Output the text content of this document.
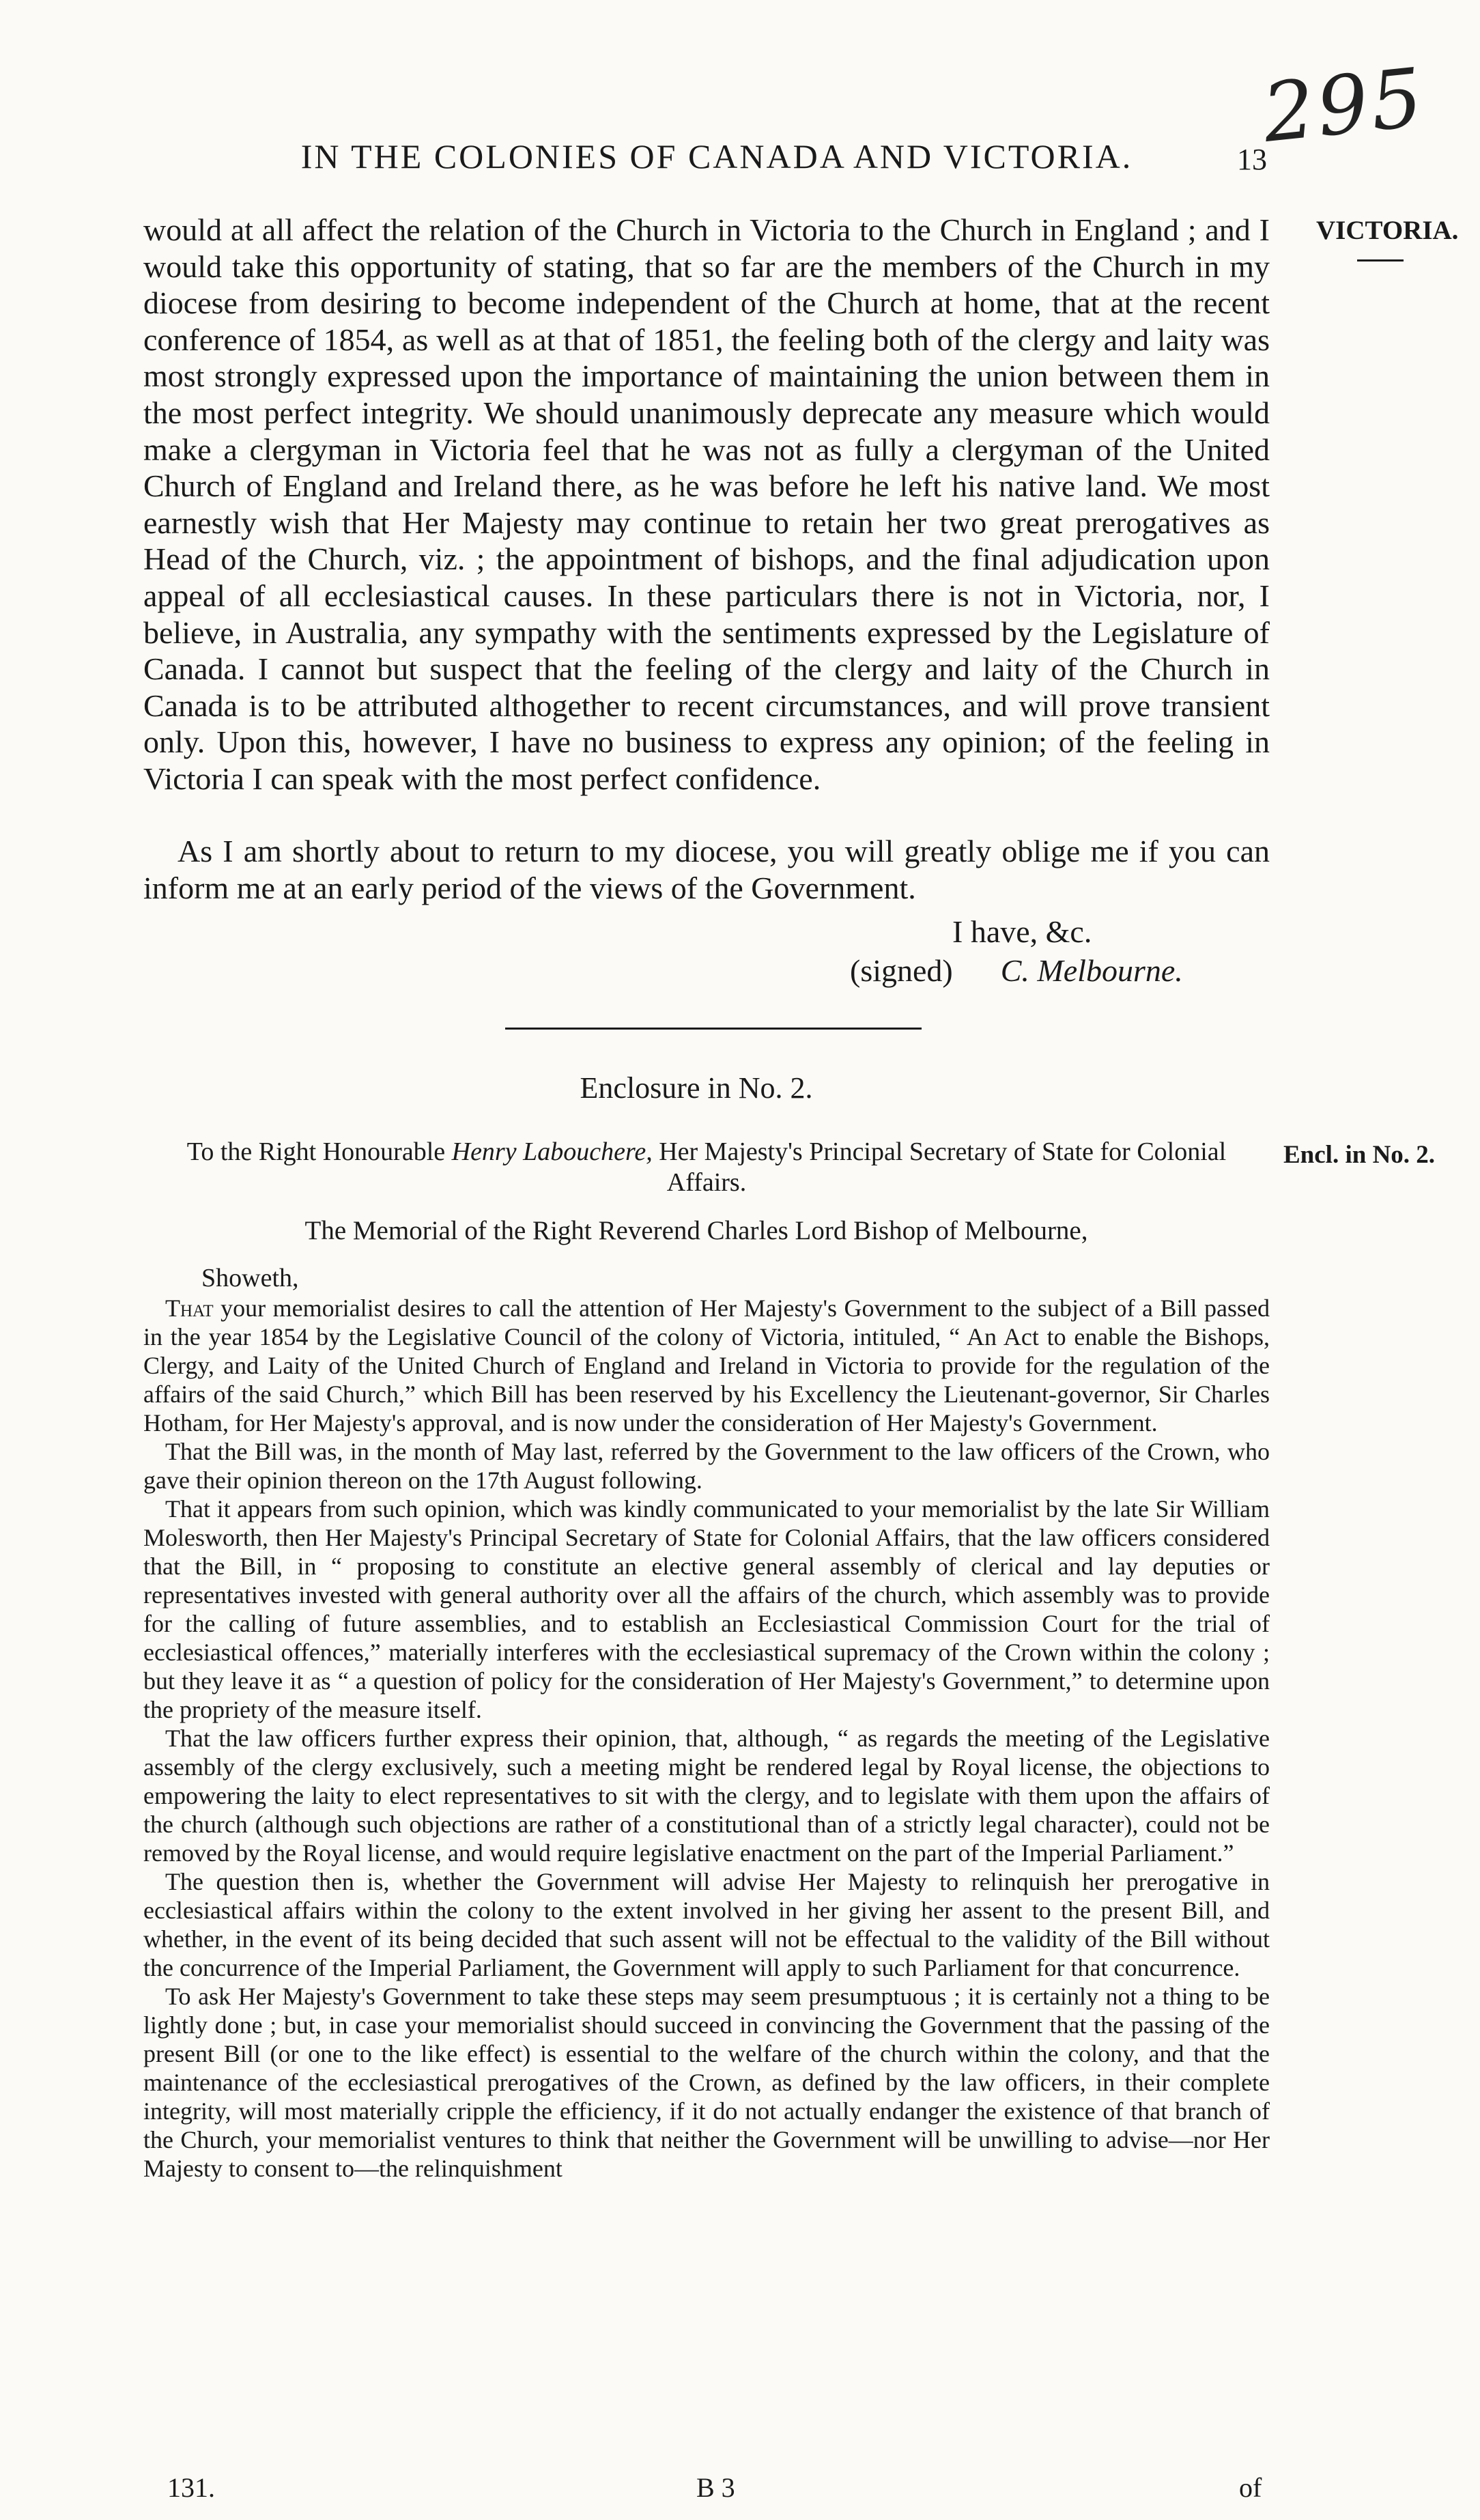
295
IN THE COLONIES OF CANADA AND VICTORIA.	13
VICTORIA.
would at all affect the relation of the Church in Victoria to the Church in England ; and I would take this opportunity of stating, that so far are the members of the Church in my diocese from desiring to become independent of the Church at home, that at the recent conference of 1854, as well as at that of 1851, the feeling both of the clergy and laity was most strongly expressed upon the importance of maintaining the union between them in the most perfect integrity. We should unanimously deprecate any measure which would make a clergyman in Victoria feel that he was not as fully a clergyman of the United Church of England and Ireland there, as he was before he left his native land. We most earnestly wish that Her Majesty may continue to retain her two great prerogatives as Head of the Church, viz. ; the appointment of bishops, and the final adjudication upon appeal of all ecclesiastical causes. In these particulars there is not in Victoria, nor, I believe, in Australia, any sympathy with the sentiments expressed by the Legislature of Canada. I cannot but suspect that the feeling of the clergy and laity of the Church in Canada is to be attributed althogether to recent circumstances, and will prove transient only. Upon this, however, I have no business to express any opinion; of the feeling in Victoria I can speak with the most perfect confidence.
As I am shortly about to return to my diocese, you will greatly oblige me if you can inform me at an early period of the views of the Government.
I have, &c.
(signed) C. Melbourne.
Enclosure in No. 2.
Encl. in No. 2.
To the Right Honourable Henry Labouchere, Her Majesty's Principal Secretary of State for Colonial Affairs.
The Memorial of the Right Reverend Charles Lord Bishop of Melbourne,
Showeth,

That your memorialist desires to call the attention of Her Majesty's Government to the subject of a Bill passed in the year 1854 by the Legislative Council of the colony of Victoria, intituled, “ An Act to enable the Bishops, Clergy, and Laity of the United Church of England and Ireland in Victoria to provide for the regulation of the affairs of the said Church,” which Bill has been reserved by his Excellency the Lieutenant-governor, Sir Charles Hotham, for Her Majesty's approval, and is now under the consideration of Her Majesty's Government.

That the Bill was, in the month of May last, referred by the Government to the law officers of the Crown, who gave their opinion thereon on the 17th August following.

That it appears from such opinion, which was kindly communicated to your memorialist by the late Sir William Molesworth, then Her Majesty's Principal Secretary of State for Colonial Affairs, that the law officers considered that the Bill, in “ proposing to constitute an elective general assembly of clerical and lay deputies or representatives invested with general authority over all the affairs of the church, which assembly was to provide for the calling of future assemblies, and to establish an Ecclesiastical Commission Court for the trial of ecclesiastical offences,” materially interferes with the ecclesiastical supremacy of the Crown within the colony ; but they leave it as “ a question of policy for the consideration of Her Majesty's Government,” to determine upon the propriety of the measure itself.

That the law officers further express their opinion, that, although, “ as regards the meeting of the Legislative assembly of the clergy exclusively, such a meeting might be rendered legal by Royal license, the objections to empowering the laity to elect representatives to sit with the clergy, and to legislate with them upon the affairs of the church (although such objections are rather of a constitutional than of a strictly legal character), could not be removed by the Royal license, and would require legislative enactment on the part of the Imperial Parliament.”

The question then is, whether the Government will advise Her Majesty to relinquish her prerogative in ecclesiastical affairs within the colony to the extent involved in her giving her assent to the present Bill, and whether, in the event of its being decided that such assent will not be effectual to the validity of the Bill without the concurrence of the Imperial Parliament, the Government will apply to such Parliament for that concurrence.

To ask Her Majesty's Government to take these steps may seem presumptuous ; it is certainly not a thing to be lightly done ; but, in case your memorialist should succeed in convincing the Government that the passing of the present Bill (or one to the like effect) is essential to the welfare of the church within the colony, and that the maintenance of the ecclesiastical prerogatives of the Crown, as defined by the law officers, in their complete integrity, will most materially cripple the efficiency, if it do not actually endanger the existence of that branch of the Church, your memorialist ventures to think that neither the Government will be unwilling to advise—nor Her Majesty to consent to—the relinquishment

131.	B 3	of
